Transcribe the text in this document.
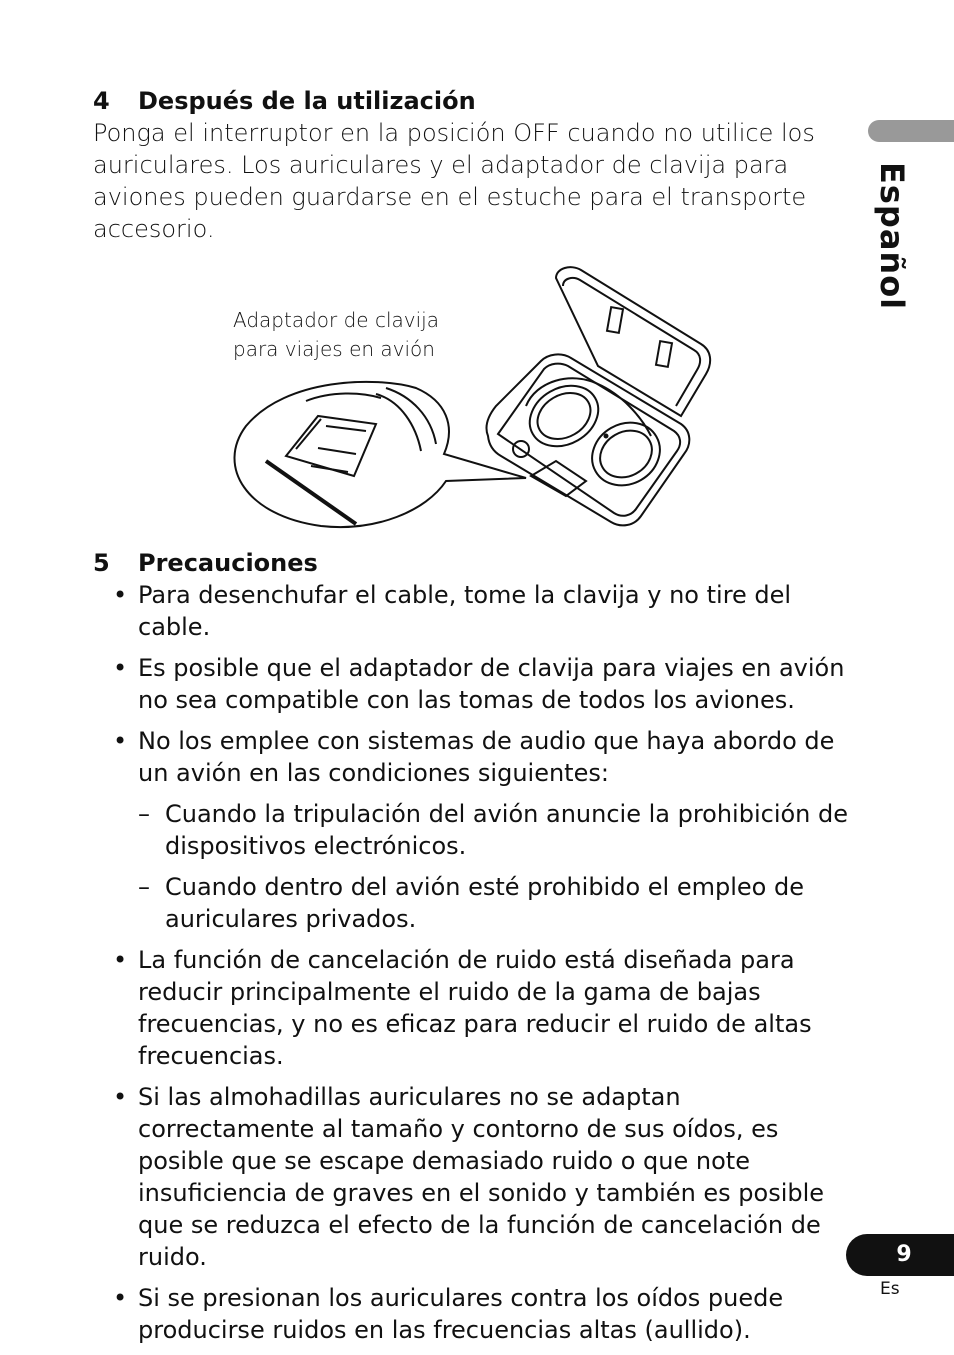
4 Después de la utilización

Ponga el interruptor en la posición OFF cuando no utilice los auriculares. Los auriculares y el adaptador de clavija para aviones pueden guardarse en el estuche para el transporte accesorio.

Adaptador de clavija
para viajes en avión

5 Precauciones
• Para desenchufar el cable, tome la clavija y no tire del cable.
• Es posible que el adaptador de clavija para viajes en avión no sea compatible con las tomas de todos los aviones.
• No los emplee con sistemas de audio que haya abordo de un avión en las condiciones siguientes:
– Cuando la tripulación del avión anuncie la prohibición de dispositivos electrónicos.
– Cuando dentro del avión esté prohibido el empleo de auriculares privados.
• La función de cancelación de ruido está diseñada para reducir principalmente el ruido de la gama de bajas frecuencias, y no es eficaz para reducir el ruido de altas frecuencias.
• Si las almohadillas auriculares no se adaptan correctamente al tamaño y contorno de sus oídos, es posible que se escape demasiado ruido o que note insuficiencia de graves en el sonido y también es posible que se reduzca el efecto de la función de cancelación de ruido.
• Si se presionan los auriculares contra los oídos puede producirse ruidos en las frecuencias altas (aullido).
Español
9
Es
